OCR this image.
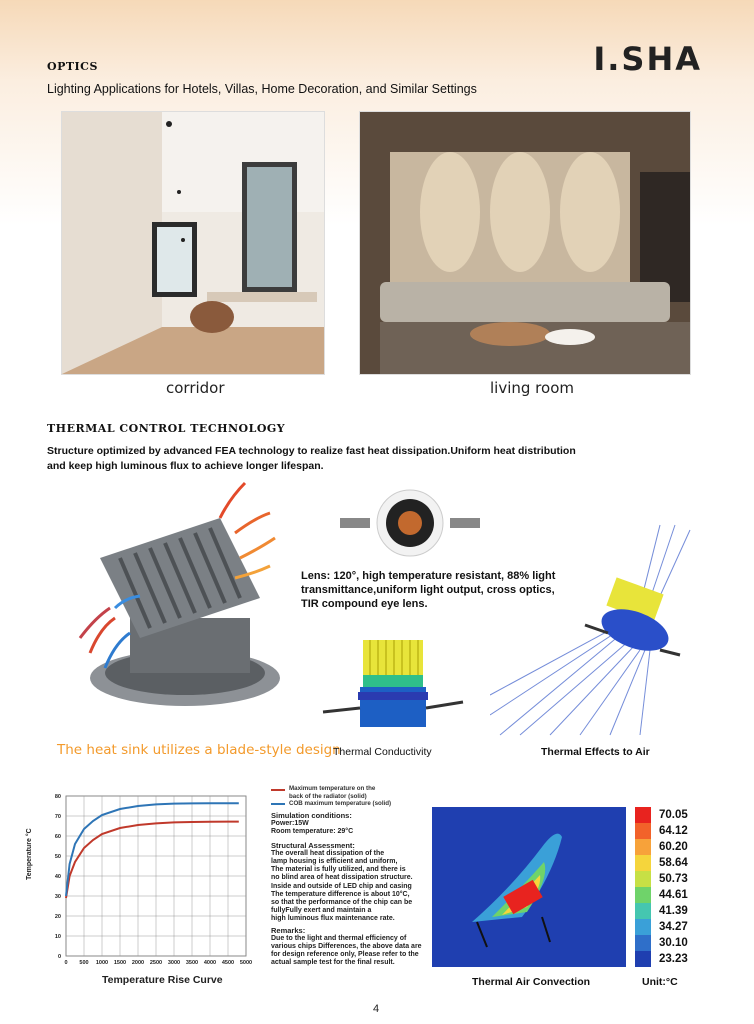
I.SHA
OPTICS
Lighting Applications for Hotels, Villas, Home Decoration, and Similar Settings
corridor	living room
THERMAL CONTROL TECHNOLOGY
Structure optimized by advanced FEA technology to realize fast heat dissipation.Uniform heat distribution
and keep high luminous flux to achieve longer lifespan.
The heat sink utilizes a blade-style design
Lens: 120°, high temperature resistant, 88% light
transmittance,uniform light output, cross optics,
TIR compound eye lens.
Thermal Conductivity	Thermal Effects to Air
0 500 1000 1500 2000 2500 3000 3500 4000 4500 5000
0
10
20
30
40
50
60
70
80
Temperature °C
Temperature Rise Curve
Maximum temperature on the
back of the radiator (solid)
COB maximum temperature (solid)
Simulation conditions:
Power:15W
Room temperature: 29°C
Structural Assessment:
The overall heat dissipation of the
lamp housing is efficient and uniform,
The material is fully utilized, and there is
no blind area of heat dissipation structure.
Inside and outside of LED chip and casing
The temperature difference is about 10°C,
so that the performance of the chip can be
fullyFully exert and maintain a
high luminous flux maintenance rate.
Remarks:
Due to the light and thermal efficiency of
various chips Differences, the above data are
for design reference only, Please refer to the
actual sample test for the final result.
70.05
64.12
60.20
58.64
50.73
44.61
41.39
34.27
30.10
23.23
Thermal Air Convection	Unit:°C
4
